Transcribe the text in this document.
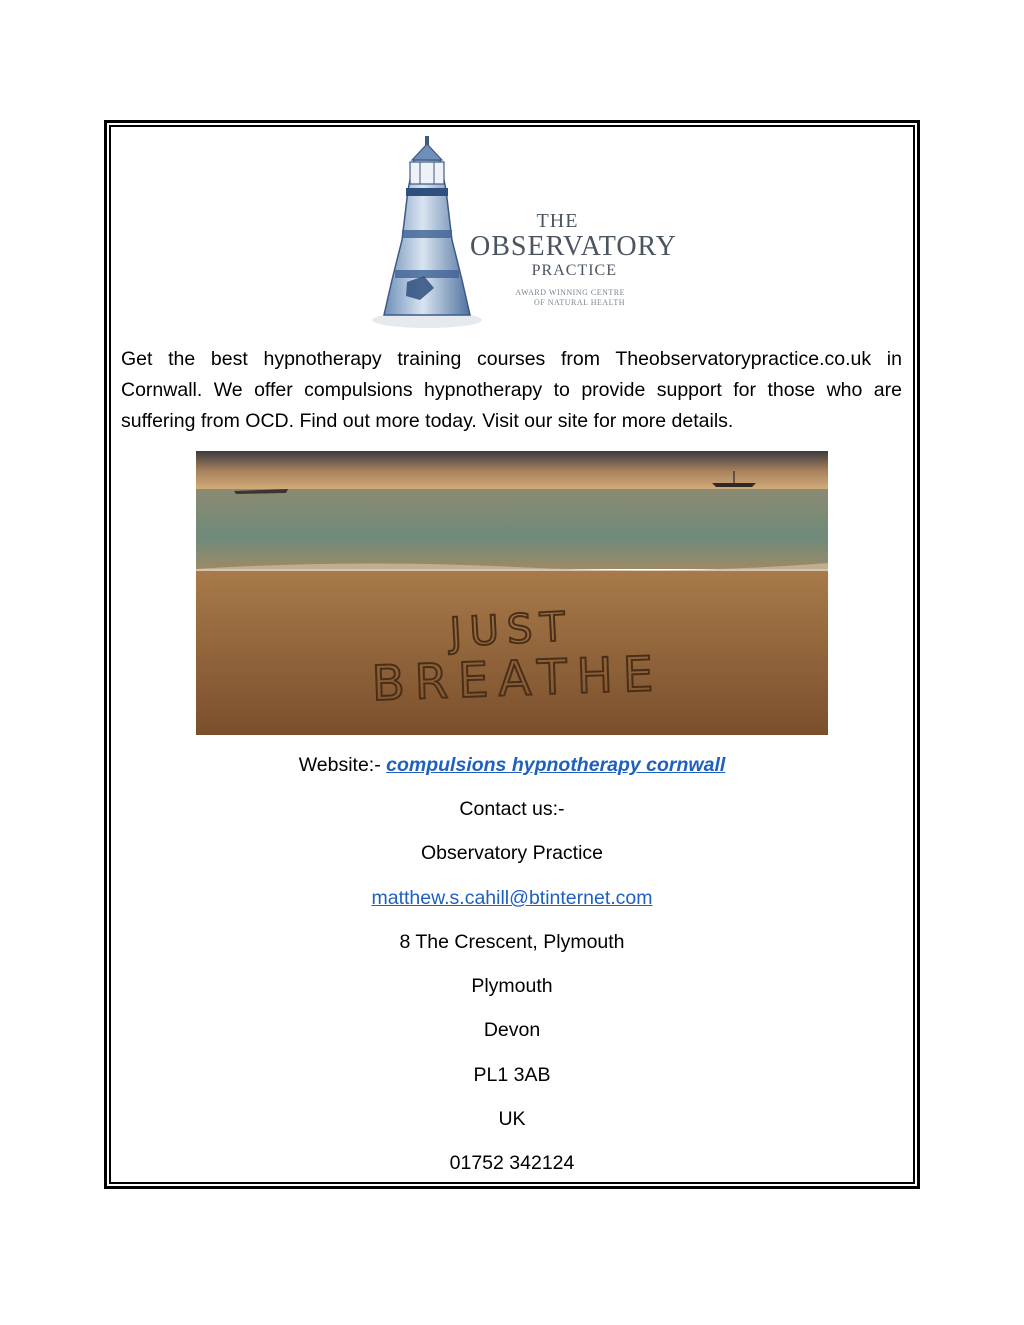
THE
OBSERVATORY
PRACTICE
AWARD WINNING CENTRE
OF NATURAL HEALTH
Get the best hypnotherapy training courses from Theobservatorypractice.co.uk in Cornwall. We offer compulsions hypnotherapy to provide support for those who are suffering from OCD. Find out more today. Visit our site for more details.
JUST
BREATHE
Website:- compulsions hypnotherapy cornwall
Contact us:-
Observatory Practice
matthew.s.cahill@btinternet.com
8 The Crescent, Plymouth
Plymouth
Devon
PL1 3AB
UK
01752 342124
